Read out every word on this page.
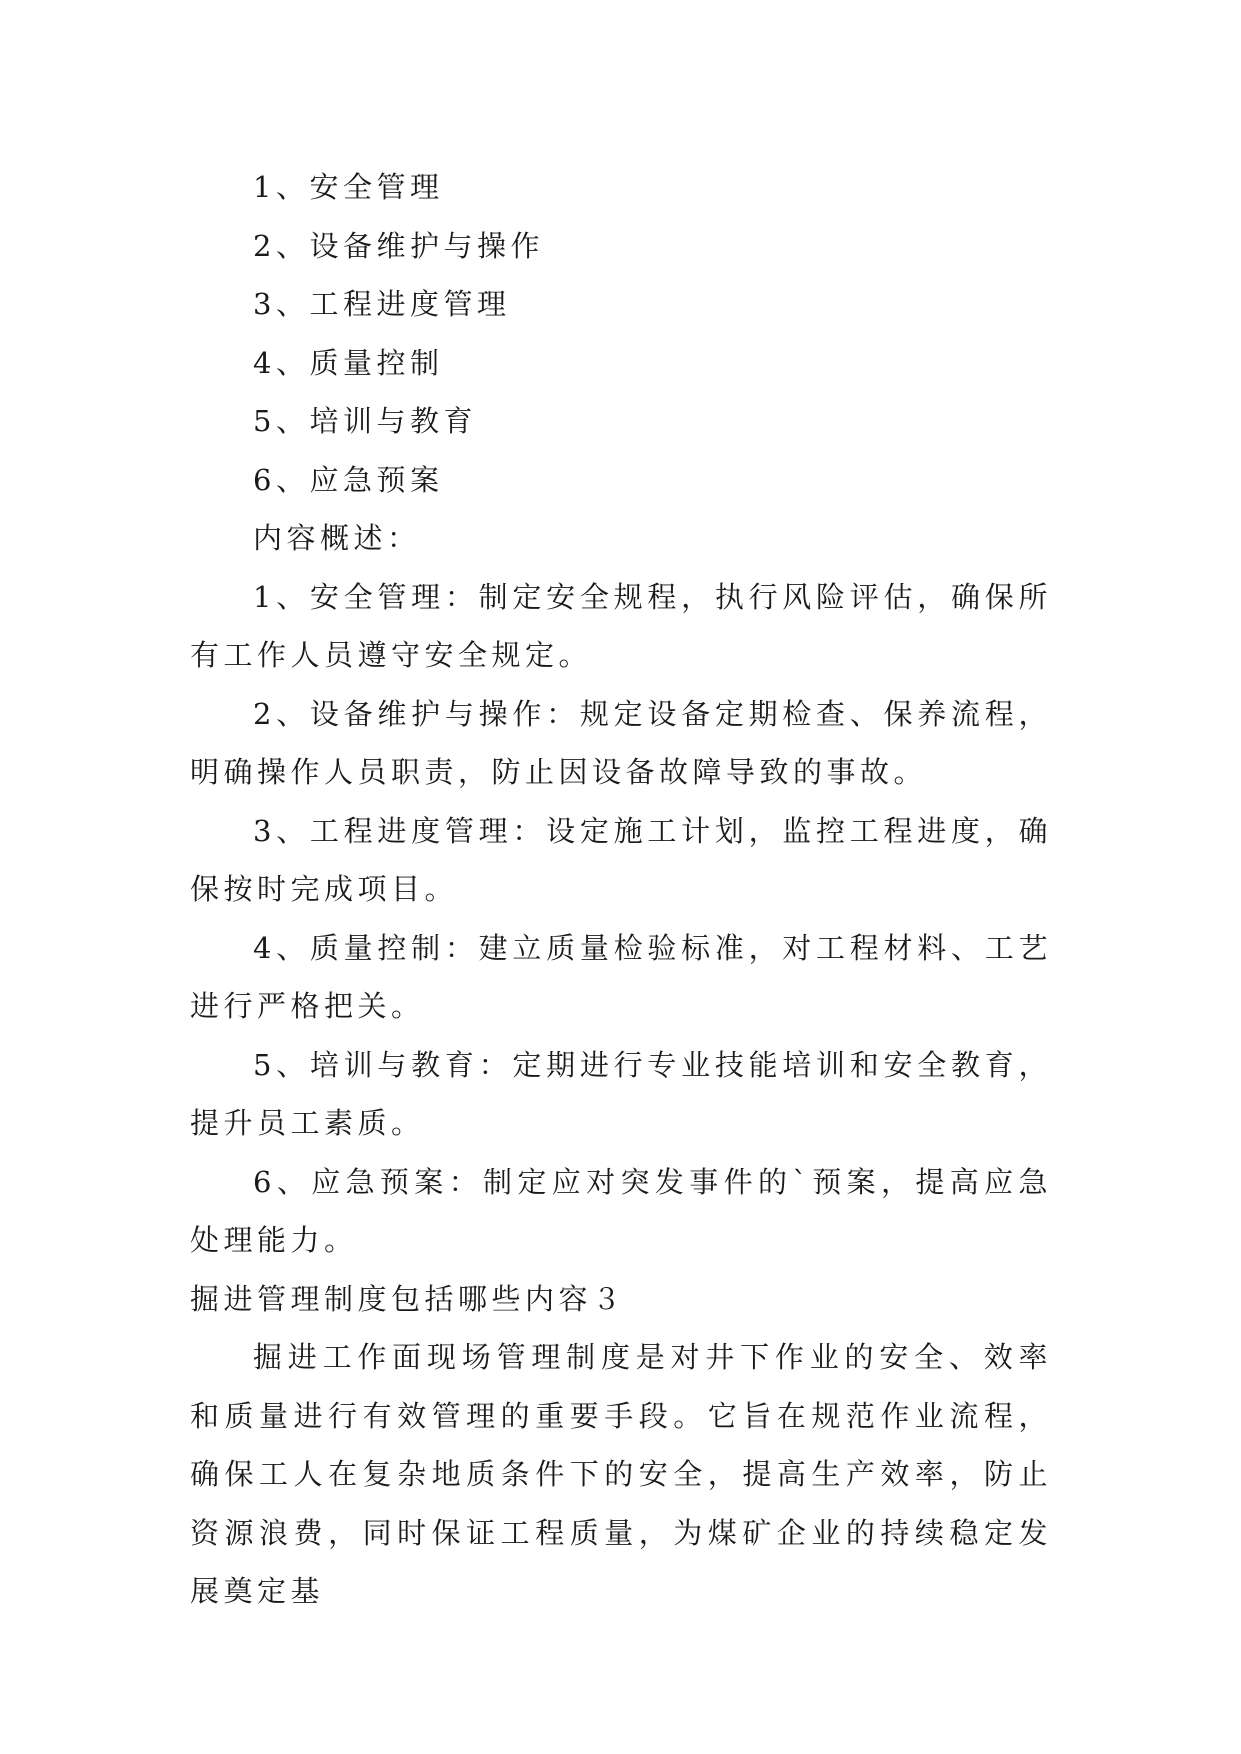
1、安全管理
2、设备维护与操作
3、工程进度管理
4、质量控制
5、培训与教育
6、应急预案
内容概述：

1、安全管理：制定安全规程，执行风险评估，确保所有工作人员遵守安全规定。

2、设备维护与操作：规定设备定期检查、保养流程，明确操作人员职责，防止因设备故障导致的事故。

3、工程进度管理：设定施工计划，监控工程进度，确保按时完成项目。

4、质量控制：建立质量检验标准，对工程材料、工艺进行严格把关。

5、培训与教育：定期进行专业技能培训和安全教育，提升员工素质。

6、应急预案：制定应对突发事件的`预案，提高应急处理能力。

掘进管理制度包括哪些内容３

掘进工作面现场管理制度是对井下作业的安全、效率和质量进行有效管理的重要手段。它旨在规范作业流程，确保工人在复杂地质条件下的安全，提高生产效率，防止资源浪费，同时保证工程质量，为煤矿企业的持续稳定发展奠定基
